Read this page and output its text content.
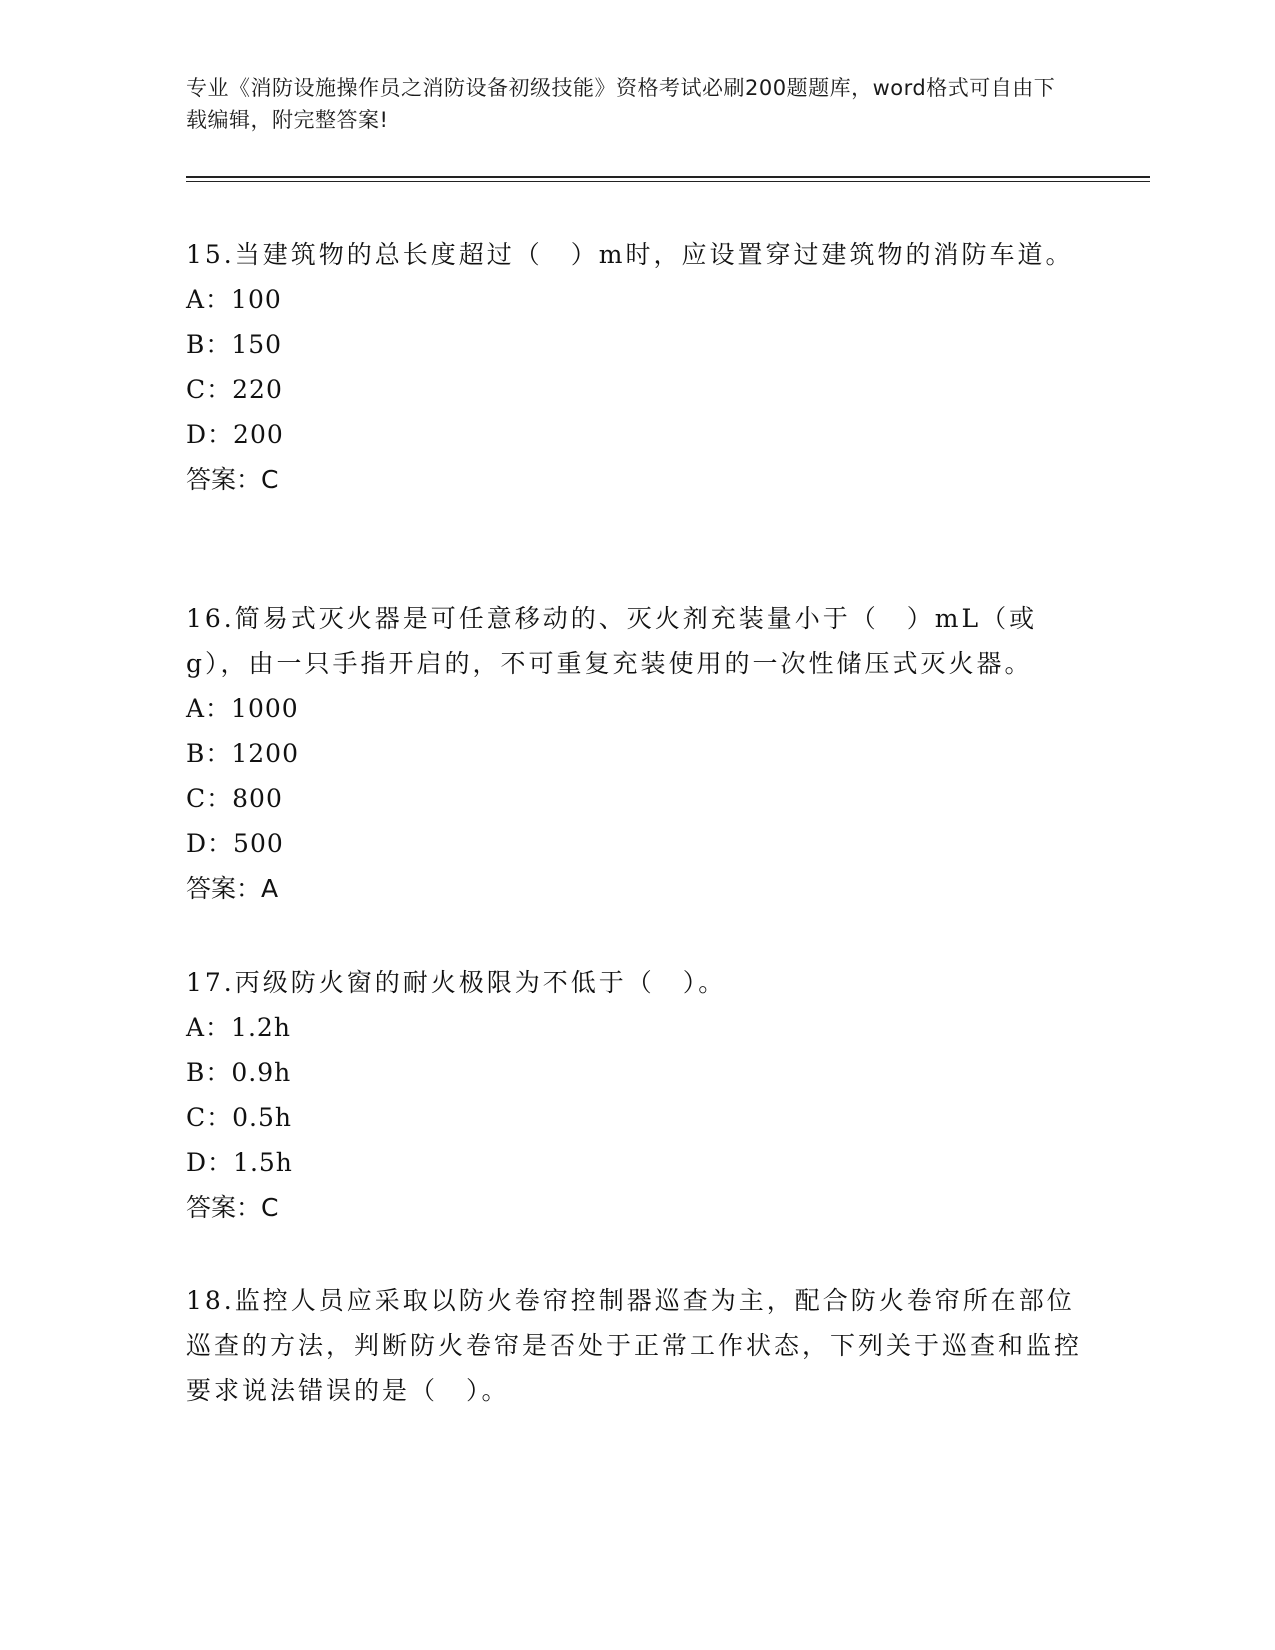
专业《消防设施操作员之消防设备初级技能》资格考试必刷200题题库，word格式可自由下载编辑，附完整答案!

15.当建筑物的总长度超过（　）m时，应设置穿过建筑物的消防车道。

A：100

B：150

C：220

D：200

答案：C

16.简易式灭火器是可任意移动的、灭火剂充装量小于（　）mL（或g），由一只手指开启的，不可重复充装使用的一次性储压式灭火器。

A：1000

B：1200

C：800

D：500

答案：A

17.丙级防火窗的耐火极限为不低于（　）。

A：1.2h

B：0.9h

C：0.5h

D：1.5h

答案：C

18.监控人员应采取以防火卷帘控制器巡查为主，配合防火卷帘所在部位巡查的方法，判断防火卷帘是否处于正常工作状态，下列关于巡查和监控要求说法错误的是（　）。
